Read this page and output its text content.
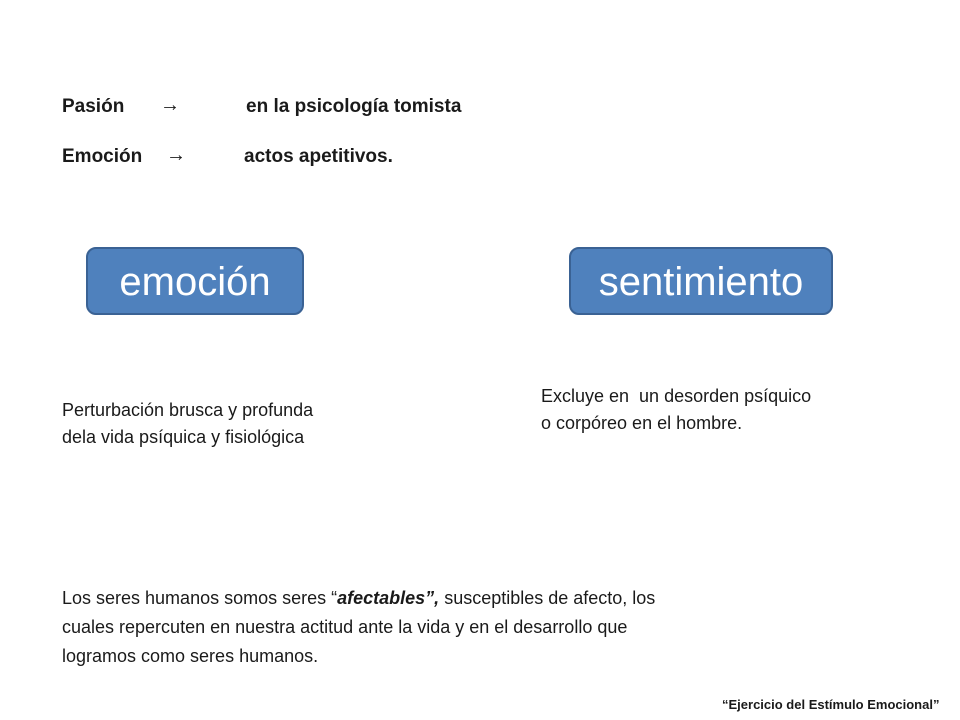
Pasión →	en la psicología tomista
Emoción →	actos apetitivos.
emoción	sentimiento
Perturbación brusca y profunda
dela vida psíquica y fisiológica
Excluye en  un desorden psíquico
o corpóreo en el hombre.
Los seres humanos somos seres “afectables”, susceptibles de afecto, los cuales repercuten en nuestra actitud ante la vida y en el desarrollo que logramos como seres humanos.
“Ejercicio del Estímulo Emocional”
